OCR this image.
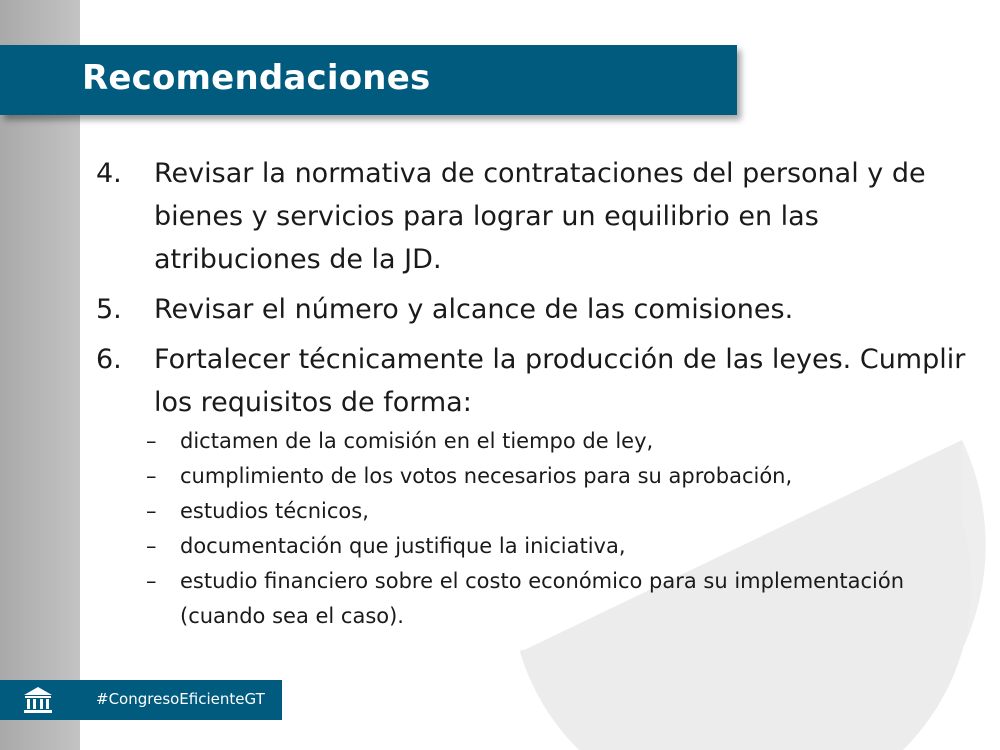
Recomendaciones
4.	Revisar la normativa de contrataciones del personal y de bienes y servicios para lograr un equilibrio en las atribuciones de la JD.
5.	Revisar el número y alcance de las comisiones.
6.	Fortalecer técnicamente la producción de las leyes. Cumplir los requisitos de forma:
–	dictamen de la comisión en el tiempo de ley,
–	cumplimiento de los votos necesarios para su aprobación,
–	estudios técnicos,
–	documentación que justifique la iniciativa,
–	estudio financiero sobre el costo económico para su implementación (cuando sea el caso).
#CongresoEficienteGT
